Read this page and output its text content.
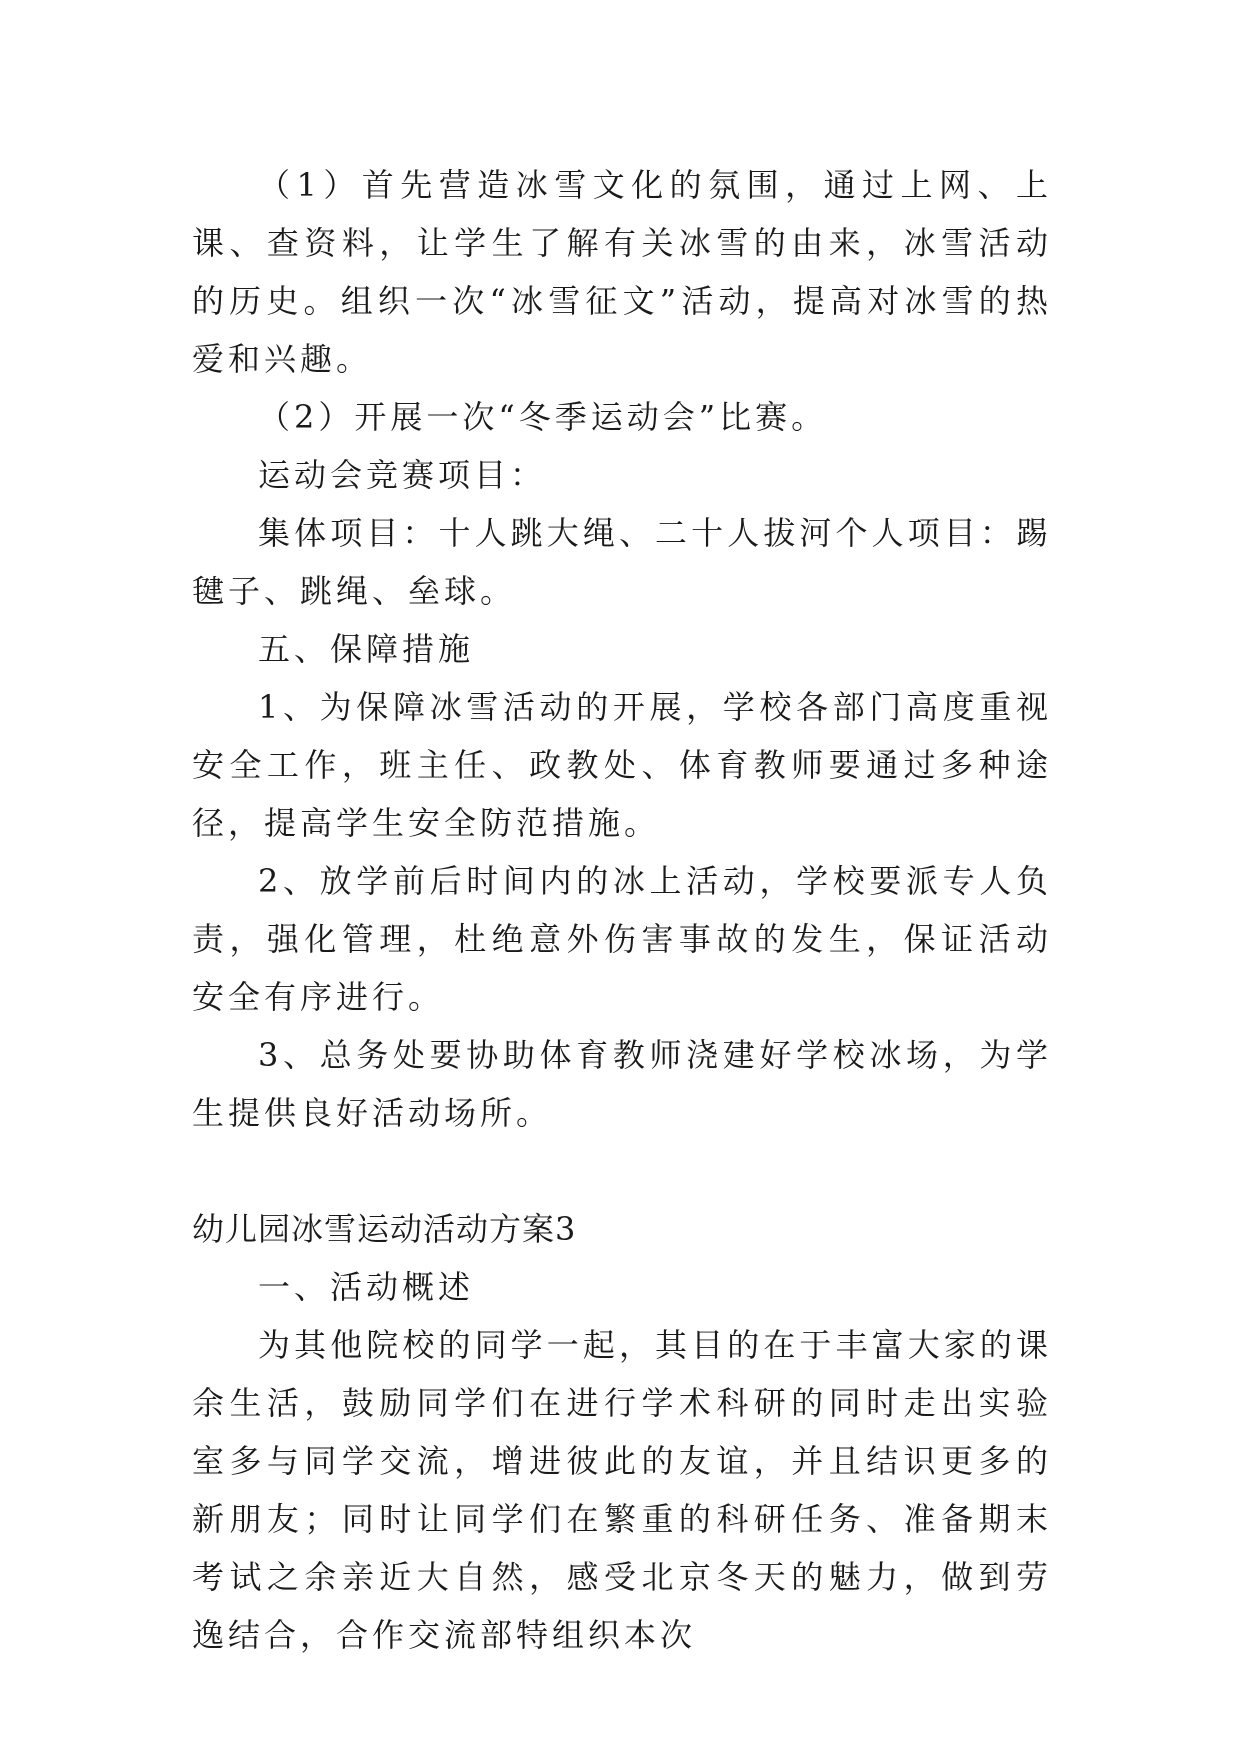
（1）首先营造冰雪文化的氛围，通过上网、上课、查资料，让学生了解有关冰雪的由来，冰雪活动的历史。组织一次“冰雪征文”活动，提高对冰雪的热爱和兴趣。

（2）开展一次“冬季运动会”比赛。

运动会竞赛项目：

集体项目：十人跳大绳、二十人拔河个人项目：踢毽子、跳绳、垒球。

五、保障措施

1、为保障冰雪活动的开展，学校各部门高度重视安全工作，班主任、政教处、体育教师要通过多种途径，提高学生安全防范措施。

2、放学前后时间内的冰上活动，学校要派专人负责，强化管理，杜绝意外伤害事故的发生，保证活动安全有序进行。

3、总务处要协助体育教师浇建好学校冰场，为学生提供良好活动场所。

幼儿园冰雪运动活动方案3

一、活动概述

为其他院校的同学一起，其目的在于丰富大家的课余生活，鼓励同学们在进行学术科研的同时走出实验室多与同学交流，增进彼此的友谊，并且结识更多的新朋友；同时让同学们在繁重的科研任务、准备期末考试之余亲近大自然，感受北京冬天的魅力，做到劳逸结合，合作交流部特组织本次
